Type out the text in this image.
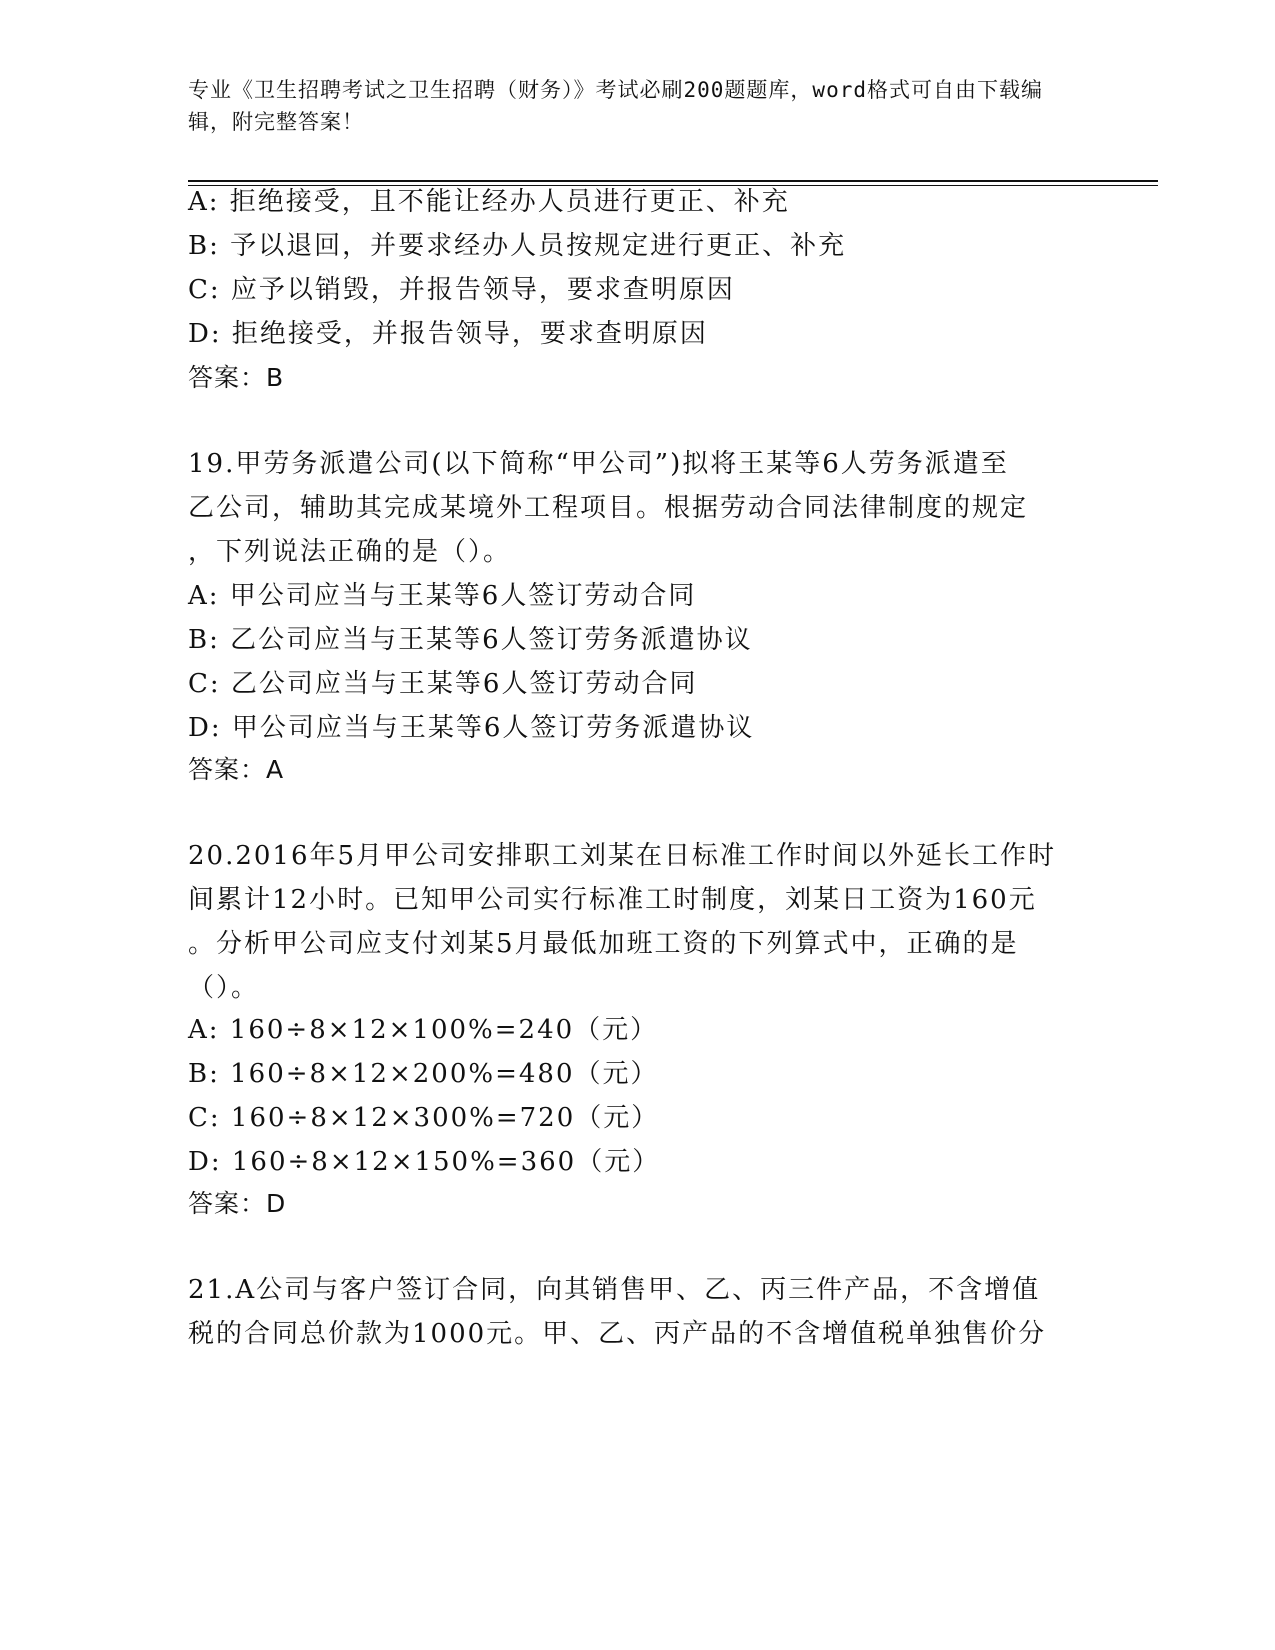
专业《卫生招聘考试之卫生招聘（财务）》考试必刷200题题库，word格式可自由下载编辑，附完整答案！
A: 拒绝接受，且不能让经办人员进行更正、补充
B: 予以退回，并要求经办人员按规定进行更正、补充
C: 应予以销毁，并报告领导，要求查明原因
D: 拒绝接受，并报告领导，要求查明原因
答案：B
19.甲劳务派遣公司(以下简称“甲公司”)拟将王某等6人劳务派遣至
乙公司，辅助其完成某境外工程项目。根据劳动合同法律制度的规定
，下列说法正确的是（）。
A: 甲公司应当与王某等6人签订劳动合同
B: 乙公司应当与王某等6人签订劳务派遣协议
C: 乙公司应当与王某等6人签订劳动合同
D: 甲公司应当与王某等6人签订劳务派遣协议
答案：A
20.2016年5月甲公司安排职工刘某在日标准工作时间以外延长工作时
间累计12小时。已知甲公司实行标准工时制度，刘某日工资为160元
。分析甲公司应支付刘某5月最低加班工资的下列算式中，正确的是
（）。
A: 160÷8×12×100%=240（元）
B: 160÷8×12×200%=480（元）
C: 160÷8×12×300%=720（元）
D: 160÷8×12×150%=360（元）
答案：D
21.A公司与客户签订合同，向其销售甲、乙、丙三件产品，不含增值
税的合同总价款为1000元。甲、乙、丙产品的不含增值税单独售价分
